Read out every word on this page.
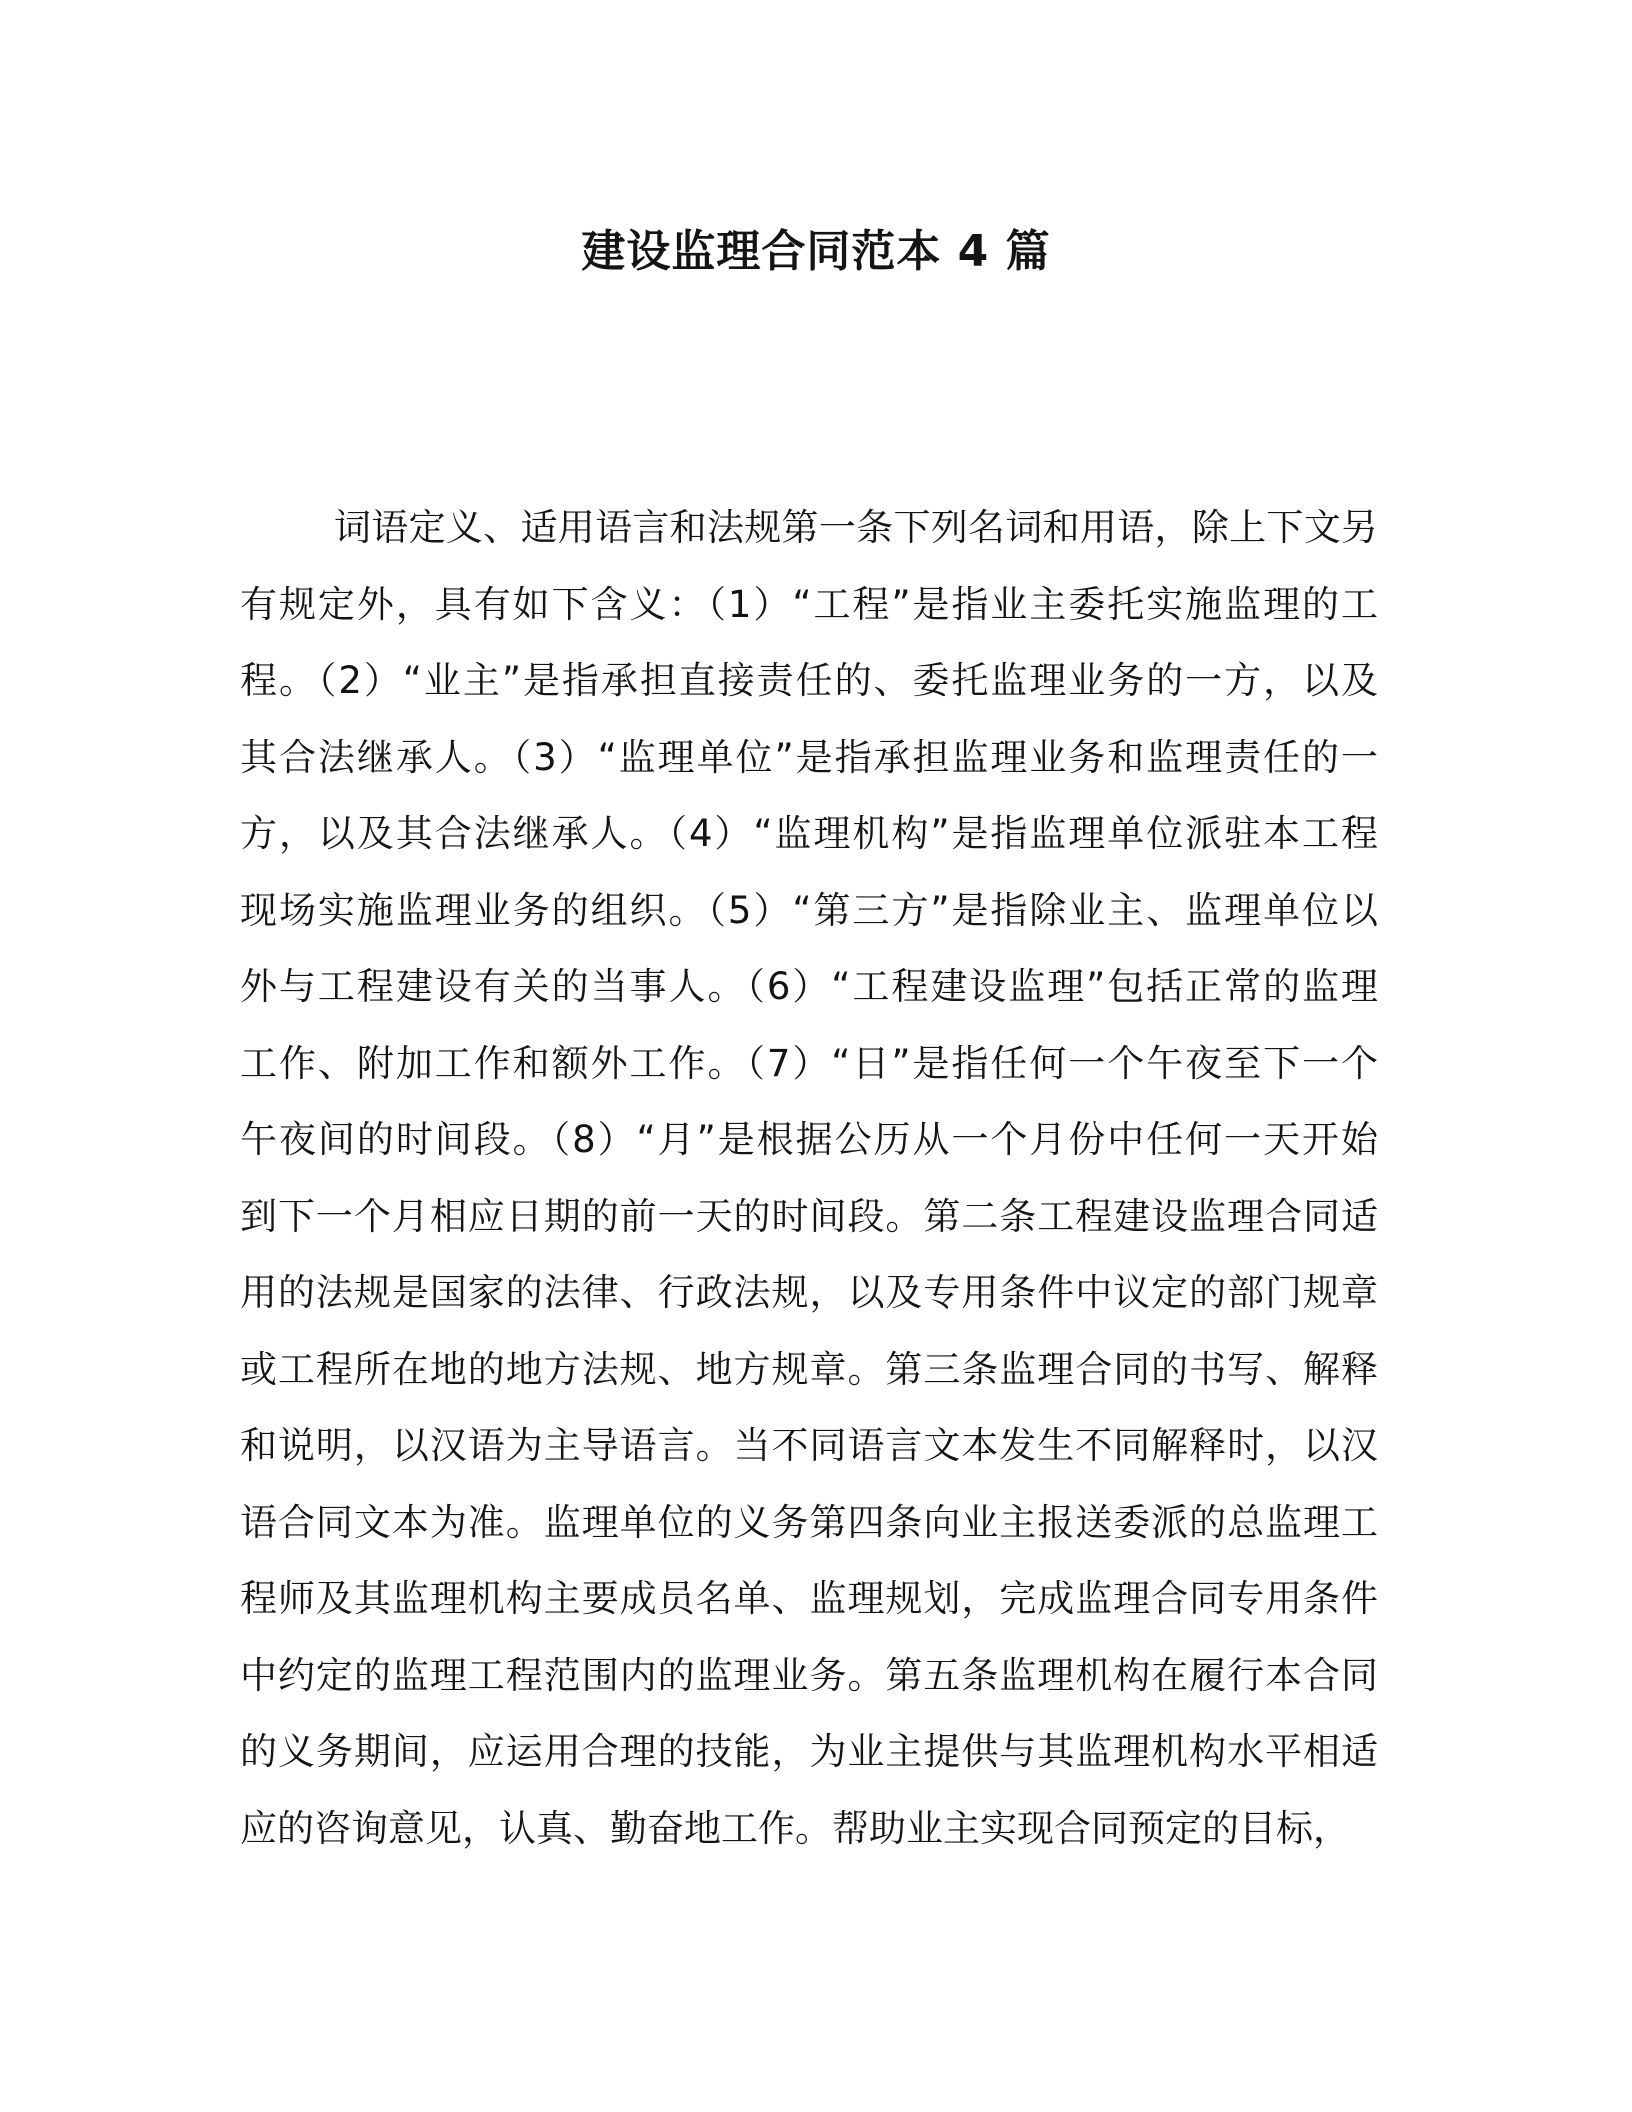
建设监理合同范本 4 篇
词语定义、适用语言和法规第一条下列名词和用语，除上下文另
有规定外，具有如下含义：（1）“工程”是指业主委托实施监理的工
程。（2）“业主”是指承担直接责任的、委托监理业务的一方，以及
其合法继承人。（3）“监理单位”是指承担监理业务和监理责任的一
方，以及其合法继承人。（4）“监理机构”是指监理单位派驻本工程
现场实施监理业务的组织。（5）“第三方”是指除业主、监理单位以
外与工程建设有关的当事人。（6）“工程建设监理”包括正常的监理
工作、附加工作和额外工作。（7）“日”是指任何一个午夜至下一个
午夜间的时间段。（8）“月”是根据公历从一个月份中任何一天开始
到下一个月相应日期的前一天的时间段。第二条工程建设监理合同适
用的法规是国家的法律、行政法规，以及专用条件中议定的部门规章
或工程所在地的地方法规、地方规章。第三条监理合同的书写、解释
和说明，以汉语为主导语言。当不同语言文本发生不同解释时，以汉
语合同文本为准。监理单位的义务第四条向业主报送委派的总监理工
程师及其监理机构主要成员名单、监理规划，完成监理合同专用条件
中约定的监理工程范围内的监理业务。第五条监理机构在履行本合同
的义务期间，应运用合理的技能，为业主提供与其监理机构水平相适
应的咨询意见，认真、勤奋地工作。帮助业主实现合同预定的目标，
